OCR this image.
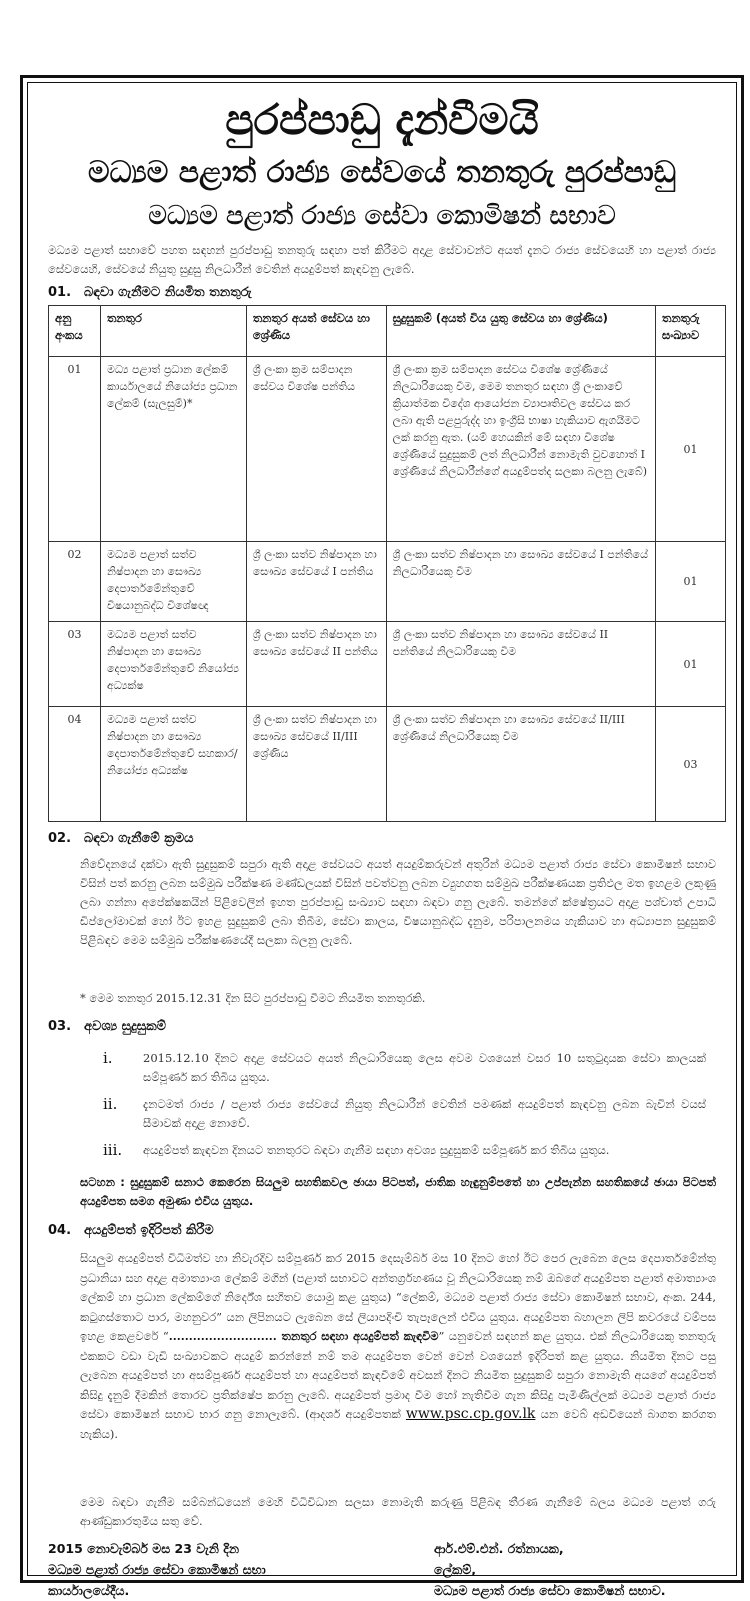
පුරප්පාඩු දැන්වීමයි
මධ්‍යම පළාත් රාජ්‍ය සේවයේ තනතුරු පුරප්පාඩු
මධ්‍යම පළාත් රාජ්‍ය සේවා කොමිෂන් සභාව
මධ්‍යම පළාත් සභාවේ පහත සඳහන් පුරප්පාඩු තනතුරු සඳහා පත් කිරීමට අදාළ සේවාවන්ට අයත් දැනට රාජ්‍ය සේවයෙහි හා පළාත් රාජ්‍ය සේවයෙහි, සේවයේ නියුතු සුදුසු නිලධාරීන් වෙතින් අයදුම්පත් කැඳවනු ලැබේ.
01. බඳවා ගැනීමට නියමිත තනතුරු
අනු අංකය	තනතුර	තනතුර අයත් සේවය හා ශ්‍රේණිය	සුදුසුකම් (අයත් විය යුතු සේවය හා ශ්‍රේණිය)	තනතුරු සංඛ්‍යාව
01	මධ්‍ය පළාත් ප්‍රධාන ලේකම් කාර්යාලයේ නියෝජ්‍ය ප්‍රධාන ලේකම් (සැලසුම්)*	ශ්‍රී ලංකා ක්‍රම සම්පාදන සේවය විශේෂ පන්තිය	ශ්‍රී ලංකා ක්‍රම සම්පාදන සේවය විශේෂ ශ්‍රේණියේ නිලධාරියෙකු වීම, මෙම තනතුර සඳහා ශ්‍රී ලංකාවේ ක්‍රියාත්මක විදේශ ආයෝජන ව්‍යාපෘතිවල සේවය කර ලබා ඇති පළපුරුද්ද හා ඉංග්‍රීසි භාෂා හැකියාව ඇගයීමට ලක් කරනු ඇත. (යම් හෙයකින් මේ සඳහා විශේෂ ශ්‍රේණියේ සුදුසුකම් ලත් නිලධාරීන් නොමැති වුවහොත් I ශ්‍රේණියේ නිලධාරීන්ගේ අයදුම්පත්ද සලකා බලනු ලැබේ)	01
02	මධ්‍යම පළාත් සත්ව නිෂ්පාදන හා සෞඛ්‍ය දෙපාර්තමේන්තුවේ විෂයානුබද්ධ විශේෂඥ	ශ්‍රී ලංකා සත්ව නිෂ්පාදන හා සෞඛ්‍ය සේවයේ I පන්තිය	ශ්‍රී ලංකා සත්ව නිෂ්පාදන හා සෞඛ්‍ය සේවයේ I පන්තියේ නිලධාරියෙකු වීම	01
03	මධ්‍යම පළාත් සත්ව නිෂ්පාදන හා සෞඛ්‍ය දෙපාර්තමේන්තුවේ නියෝජ්‍ය අධ්‍යක්ෂ	ශ්‍රී ලංකා සත්ව නිෂ්පාදන හා සෞඛ්‍ය සේවයේ II පන්තිය	ශ්‍රී ලංකා සත්ව නිෂ්පාදන හා සෞඛ්‍ය සේවයේ II පන්තියේ නිලධාරියෙකු වීම	01
04	මධ්‍යම පළාත් සත්ව නිෂ්පාදන හා සෞඛ්‍ය දෙපාර්තමේන්තුවේ සහකාර/නියෝජ්‍ය අධ්‍යක්ෂ	ශ්‍රී ලංකා සත්ව නිෂ්පාදන හා සෞඛ්‍ය සේවයේ II/III ශ්‍රේණිය	ශ්‍රී ලංකා සත්ව නිෂ්පාදන හා සෞඛ්‍ය සේවයේ II/III ශ්‍රේණියේ නිලධාරියෙකු වීම	03
02. බඳවා ගැනීමේ ක්‍රමය
නිවේදනයේ දක්වා ඇති සුදුසුකම් සපුරා ඇති අදාළ සේවයට අයත් අයදුම්කරුවන් අතුරින් මධ්‍යම පළාත් රාජ්‍ය සේවා කොමිෂන් සභාව විසින් පත් කරනු ලබන සම්මුඛ පරීක්ෂණ මණ්ඩලයක් විසින් පවත්වනු ලබන ව්‍යුහගත සම්මුඛ පරීක්ෂණයක ප්‍රතිඵල මත ඉහළම ලකුණු ලබා ගන්නා අපේක්ෂකයින් පිළිවෙලින් ඉහත පුරප්පාඩු සංඛ්‍යාව සඳහා බඳවා ගනු ලැබේ. තමන්ගේ ක්ෂේත්‍රයට අදාළ පශ්චාත් උපාධි ඩිප්ලෝමාවක් හෝ ඊට ඉහළ සුදුසුකම් ලබා තිබීම, සේවා කාලය, විෂයානුබද්ධ දැනුම, පරිපාලනමය හැකියාව හා අධ්‍යාපන සුදුසුකම් පිළිබඳව මෙම සම්මුඛ පරීක්ෂණයේදී සලකා බලනු ලැබේ.
* මෙම තනතුර 2015.12.31 දින සිට පුරප්පාඩු වීමට නියමිත තනතුරකි.
03. අවශ්‍ය සුදුසුකම්
i.	2015.12.10 දිනට අදාළ සේවයට අයත් නිලධාරියෙකු ලෙස අවම වශයෙන් වසර 10 සතුටුදායක සේවා කාලයක් සම්පූර්ණ කර තිබිය යුතුය.
ii. දැනටමත් රාජ්‍ය / පළාත් රාජ්‍ය සේවයේ නියුතු නිලධාරීන් වෙතින් පමණක් අයදුම්පත් කැඳවනු ලබන බැවින් වයස් සීමාවක් අදාළ නොවේ.
iii. අයදුම්පත් කැඳවන දිනයට තනතුරට බඳවා ගැනීම සඳහා අවශ්‍ය සුදුසුකම් සම්පූර්ණ කර තිබිය යුතුය.
සටහන : සුදුසුකම් සනාථ කෙරෙන සියලුම සහතිකවල ඡායා පිටපත්, ජාතික හැඳුනුම්පතේ හා උප්පැන්න සහතිකයේ ඡායා පිටපත් අයදුම්පත සමග අමුණා එවිය යුතුය.
04. අයදුම්පත් ඉදිරිපත් කිරීම
සියලුම අයදුම්පත් විධිමත්ව හා නිවැරදිව සම්පූර්ණ කර 2015 දෙසැම්බර් මස 10 දිනට හෝ ඊට පෙර ලැබෙන ලෙස දෙපාර්තමේන්තු ප්‍රධානියා සහ අදාළ අමාත්‍යාංශ ලේකම් මගින් (පළාත් සභාවට අන්තර්ග්‍රහණය වූ නිලධාරියෙකු නම් ඔබගේ අයදුම්පත පළාත් අමාත්‍යාංශ ලේකම් හා ප්‍රධාන ලේකම්ගේ නිර්දේශ සහිතව යොමු කළ යුතුය) “ලේකම්, මධ්‍යම පළාත් රාජ්‍ය සේවා කොමිෂන් සභාව, අංක. 244, කටුගස්තොට පාර, මහනුවර” යන ලිපිනයට ලැබෙන සේ ලියාපදිංචි තැපෑලෙන් එවිය යුතුය. අයදුම්පත බහාලන ලිපි කවරයේ වම්පස ඉහළ කෙළවරේ “........................... තනතුර සඳහා අයදුම්පත් කැඳවීම” යනුවෙන් සඳහන් කළ යුතුය. එක් නිලධාරියෙකු තනතුරු එකකට වඩා වැඩි සංඛ්‍යාවකට අයදුම් කරන්නේ නම් තම අයදුම්පත වෙන් වෙන් වශයෙන් ඉදිරිපත් කළ යුතුය. නියමිත දිනට පසු ලැබෙන අයදුම්පත් හා අසම්පූර්ණ අයදුම්පත් හා අයදුම්පත් කැඳවීමේ අවසන් දිනට නියමිත සුදුසුකම් සපුරා නොමැති අයගේ අයදුම්පත් කිසිදු දැනුම් දීමකින් තොරව ප්‍රතික්ෂේප කරනු ලැබේ. අයදුම්පත් ප්‍රමාද වීම හෝ නැතිවීම ගැන කිසිදු පැමිණිල්ලක් මධ්‍යම පළාත් රාජ්‍ය සේවා කොමිෂන් සභාව භාර ගනු නොලැබේ. (ආදර්ශ අයදුම්පතක් www.psc.cp.gov.lk යන වෙබ් අඩවියෙන් බාගත කරගත හැකිය).
මෙම බඳවා ගැනීම සම්බන්ධයෙන් මෙහි විධිවිධාන සලසා නොමැති කරුණු පිළිබඳ තීරණ ගැනීමේ බලය මධ්‍යම පළාත් ගරු ආණ්ඩුකාරතුමිය සතු වේ.
2015 නොවැම්බර් මස 23 වැනි දින
මධ්‍යම පළාත් රාජ්‍ය සේවා කොමිෂන් සභා
කාර්යාලයේදීය.
ආර්.එම්.එන්. රත්නායක,
ලේකම්,
මධ්‍යම පළාත් රාජ්‍ය සේවා කොමිෂන් සභාව.
